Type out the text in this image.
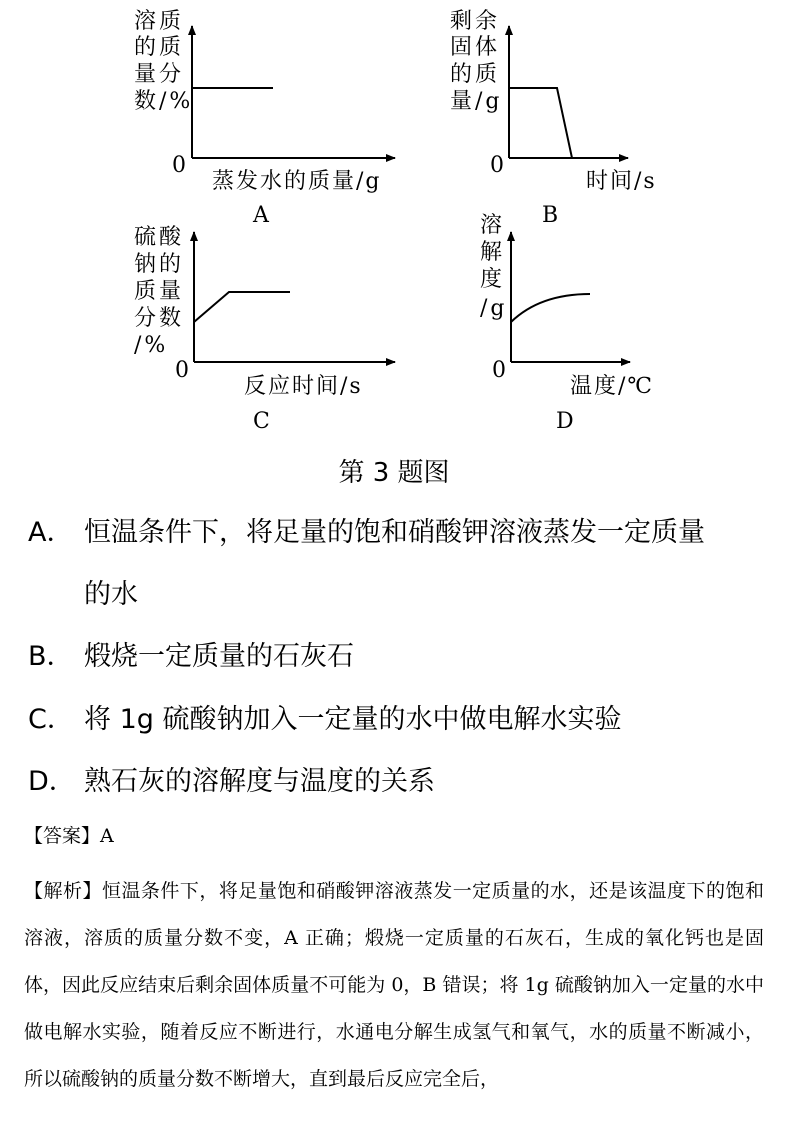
溶质
的质
量分
数/%
0
蒸发水的质量/g
A
剩余
固体
的质
量/g
0
时间/s
B
硫酸
钠的
质量
分数
/%
0
反应时间/s
C
溶
解
度
/g
0
温度/℃
D
第 3 题图
A． 恒温条件下，将足量的饱和硝酸钾溶液蒸发一定质量
的水
B． 煅烧一定质量的石灰石
C． 将 1g 硫酸钠加入一定量的水中做电解水实验
D． 熟石灰的溶解度与温度的关系
【答案】A

【解析】恒温条件下，将足量饱和硝酸钾溶液蒸发一定质量的水，还是该温度下的饱和溶液，溶质的质量分数不变，A 正确；煅烧一定质量的石灰石，生成的氧化钙也是固体，因此反应结束后剩余固体质量不可能为 0，B 错误；将 1g 硫酸钠加入一定量的水中做电解水实验，随着反应不断进行，水通电分解生成氢气和氧气，水的质量不断减小，所以硫酸钠的质量分数不断增大，直到最后反应完全后，
